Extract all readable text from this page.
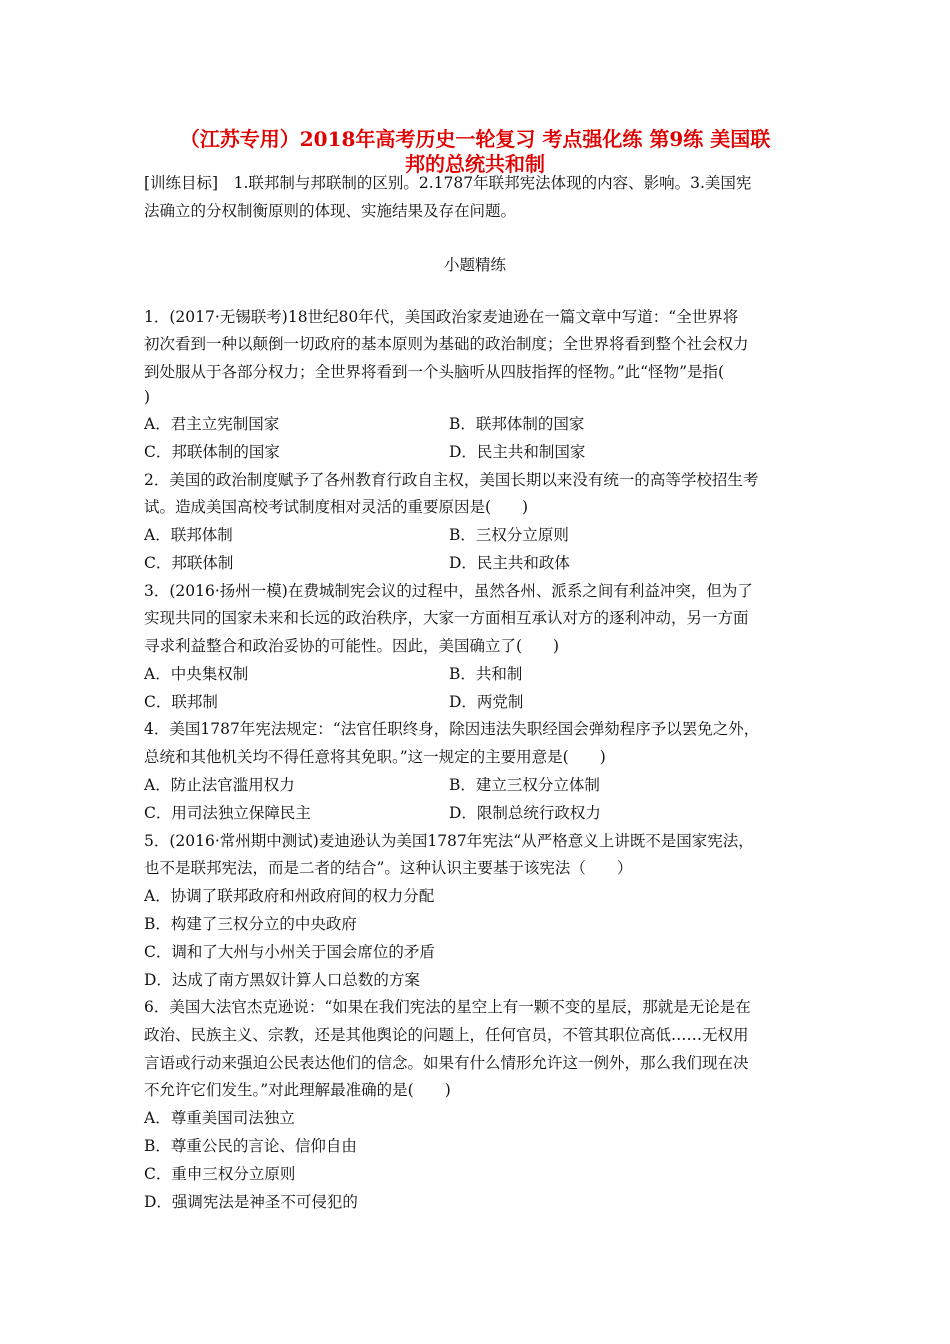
（江苏专用）2018年高考历史一轮复习 考点强化练 第9练 美国联
邦的总统共和制
[训练目标]　1.联邦制与邦联制的区别。2.1787年联邦宪法体现的内容、影响。3.美国宪
法确立的分权制衡原则的体现、实施结果及存在问题。
小题精练
1．(2017·无锡联考)18世纪80年代，美国政治家麦迪逊在一篇文章中写道：“全世界将
初次看到一种以颠倒一切政府的基本原则为基础的政治制度；全世界将看到整个社会权力
到处服从于各部分权力；全世界将看到一个头脑听从四肢指挥的怪物。”此“怪物”是指(
)
A．君主立宪制国家	B．联邦体制的国家
C．邦联体制的国家	D．民主共和制国家
2．美国的政治制度赋予了各州教育行政自主权，美国长期以来没有统一的高等学校招生考
试。造成美国高校考试制度相对灵活的重要原因是(　　)
A．联邦体制	B．三权分立原则
C．邦联体制	D．民主共和政体
3．(2016·扬州一模)在费城制宪会议的过程中，虽然各州、派系之间有利益冲突，但为了
实现共同的国家未来和长远的政治秩序，大家一方面相互承认对方的逐利冲动，另一方面
寻求利益整合和政治妥协的可能性。因此，美国确立了(　　)
A．中央集权制	B．共和制
C．联邦制	D．两党制
4．美国1787年宪法规定：“法官任职终身，除因违法失职经国会弹劾程序予以罢免之外，
总统和其他机关均不得任意将其免职。”这一规定的主要用意是(　　)
A．防止法官滥用权力	B．建立三权分立体制
C．用司法独立保障民主	D．限制总统行政权力
5．(2016·常州期中测试)麦迪逊认为美国1787年宪法“从严格意义上讲既不是国家宪法，
也不是联邦宪法，而是二者的结合”。这种认识主要基于该宪法（　　）
A．协调了联邦政府和州政府间的权力分配
B．构建了三权分立的中央政府
C．调和了大州与小州关于国会席位的矛盾
D．达成了南方黑奴计算人口总数的方案
6．美国大法官杰克逊说：“如果在我们宪法的星空上有一颗不变的星辰，那就是无论是在
政治、民族主义、宗教，还是其他舆论的问题上，任何官员，不管其职位高低……无权用
言语或行动来强迫公民表达他们的信念。如果有什么情形允许这一例外，那么我们现在决
不允许它们发生。”对此理解最准确的是(　　)
A．尊重美国司法独立
B．尊重公民的言论、信仰自由
C．重申三权分立原则
D．强调宪法是神圣不可侵犯的
